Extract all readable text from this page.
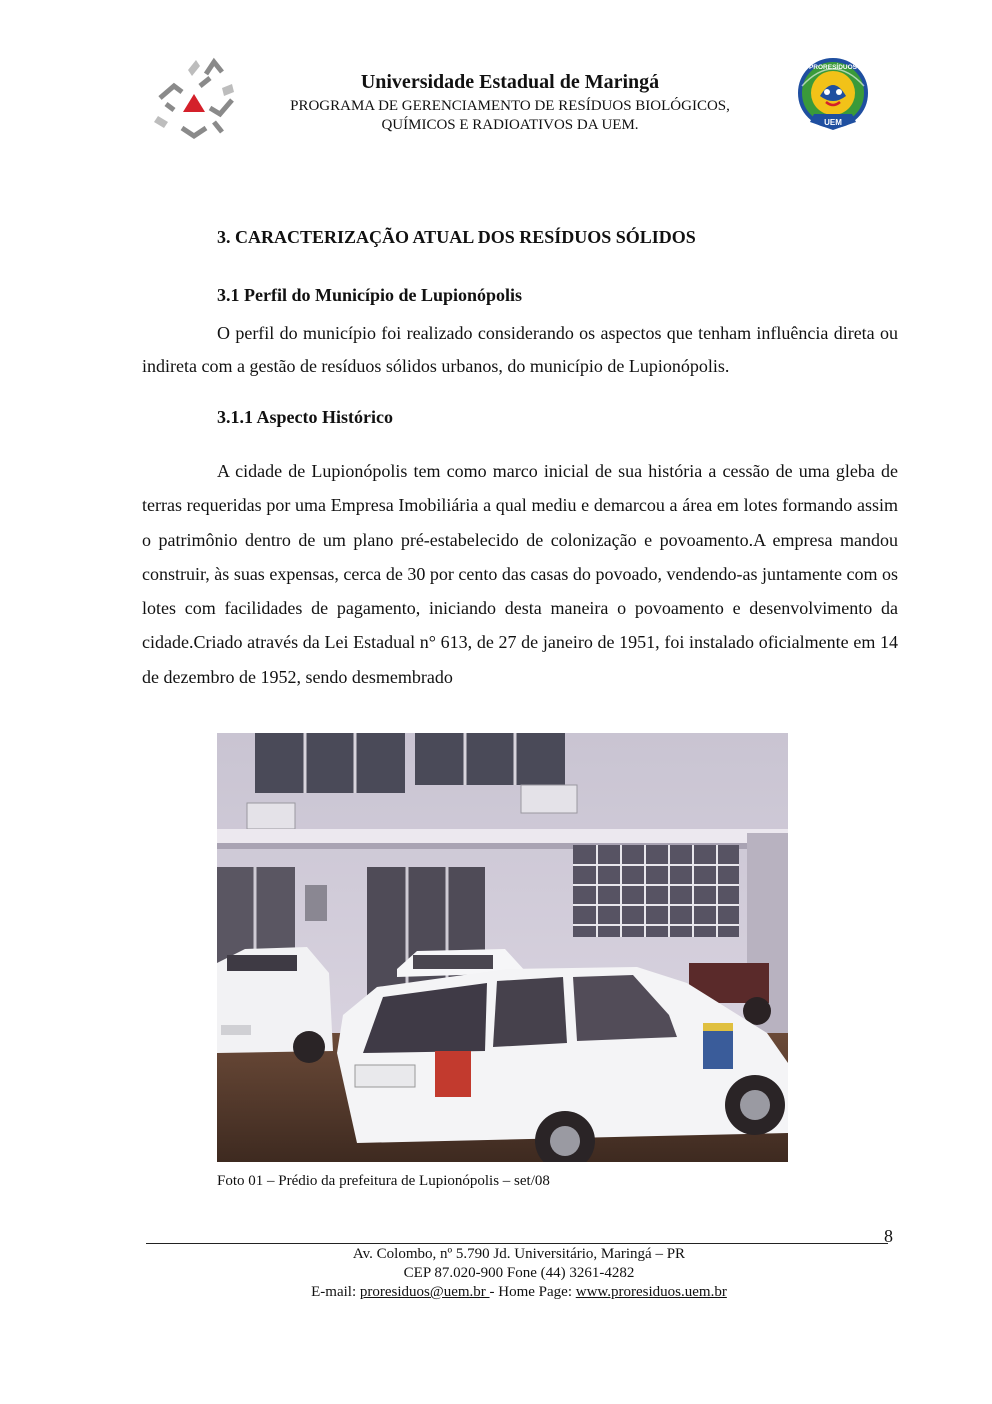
UEM
PRORESÍDUOS
Universidade Estadual de Maringá
PROGRAMA DE GERENCIAMENTO DE RESÍDUOS BIOLÓGICOS,
QUÍMICOS E RADIOATIVOS DA UEM.
3. CARACTERIZAÇÃO ATUAL DOS RESÍDUOS SÓLIDOS
3.1 Perfil do Município de Lupionópolis

O perfil do município foi realizado considerando os aspectos que tenham influência direta ou indireta com a gestão de resíduos sólidos urbanos, do município de Lupionópolis.

3.1.1 Aspecto Histórico

A cidade de Lupionópolis tem como marco inicial de sua história a cessão de uma gleba de terras requeridas por uma Empresa Imobiliária a qual mediu e demarcou a área em lotes formando assim o patrimônio dentro de um plano pré-estabelecido de colonização e povoamento.A empresa mandou construir, às suas expensas, cerca de 30 por cento das casas do povoado, vendendo-as juntamente com os lotes com facilidades de pagamento, iniciando desta maneira o povoamento e desenvolvimento da cidade.Criado através da Lei Estadual n° 613, de 27 de janeiro de 1951, foi instalado oficialmente em 14 de dezembro de 1952, sendo desmembrado

Foto 01 – Prédio da prefeitura de Lupionópolis – set/08
8
Av. Colombo, nº 5.790 Jd. Universitário, Maringá – PR
CEP 87.020-900 Fone (44) 3261-4282
E-mail: proresiduos@uem.br - Home Page: www.proresiduos.uem.br
